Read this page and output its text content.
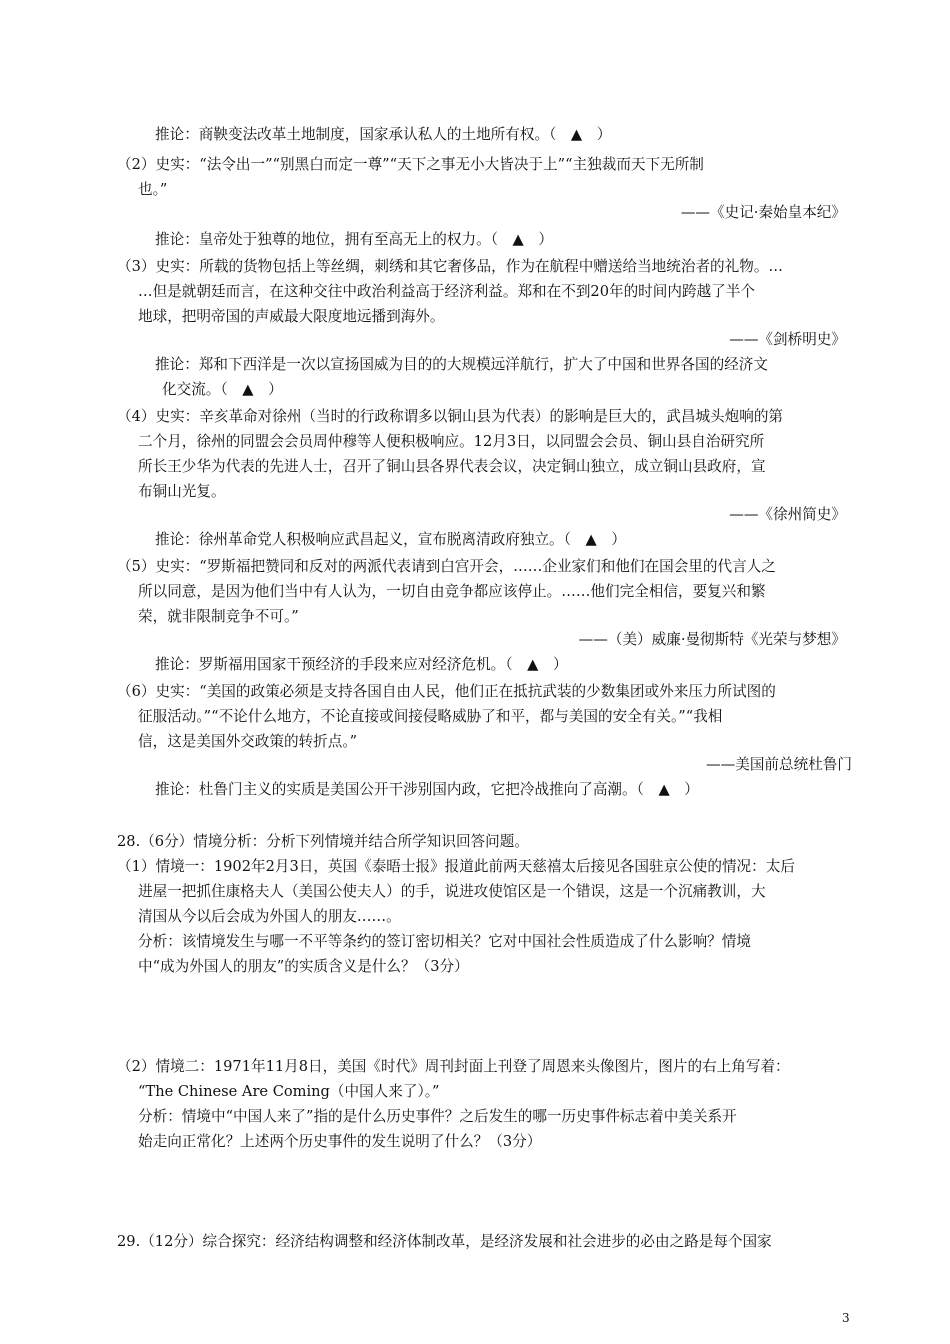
推论：商鞅变法改革土地制度，国家承认私人的土地所有权。（　▲　）
（2）史实：“法令出一”“别黑白而定一尊”“天下之事无小大皆决于上”“主独裁而天下无所制
也。”
——《史记·秦始皇本纪》
推论：皇帝处于独尊的地位，拥有至高无上的权力。（　▲　）
（3）史实：所载的货物包括上等丝绸，刺绣和其它奢侈品，作为在航程中赠送给当地统治者的礼物。…
…但是就朝廷而言，在这种交往中政治利益高于经济利益。郑和在不到20年的时间内跨越了半个
地球，把明帝国的声威最大限度地远播到海外。
——《剑桥明史》
推论：郑和下西洋是一次以宣扬国威为目的的大规模远洋航行，扩大了中国和世界各国的经济文
化交流。（　▲　）
（4）史实：辛亥革命对徐州（当时的行政称谓多以铜山县为代表）的影响是巨大的，武昌城头炮响的第
二个月，徐州的同盟会会员周仲穆等人便积极响应。12月3日，以同盟会会员、铜山县自治研究所
所长王少华为代表的先进人士，召开了铜山县各界代表会议，决定铜山独立，成立铜山县政府，宣
布铜山光复。
——《徐州简史》
推论：徐州革命党人积极响应武昌起义，宣布脱离清政府独立。（　▲　）
（5）史实：“罗斯福把赞同和反对的两派代表请到白宫开会，……企业家们和他们在国会里的代言人之
所以同意，是因为他们当中有人认为，一切自由竞争都应该停止。……他们完全相信，要复兴和繁
荣，就非限制竞争不可。”
——（美）威廉·曼彻斯特《光荣与梦想》
推论：罗斯福用国家干预经济的手段来应对经济危机。（　▲　）
（6）史实：“美国的政策必须是支持各国自由人民，他们正在抵抗武装的少数集团或外来压力所试图的
征服活动。”“不论什么地方，不论直接或间接侵略威胁了和平，都与美国的安全有关。”“我相
信，这是美国外交政策的转折点。”
——美国前总统杜鲁门
推论：杜鲁门主义的实质是美国公开干涉别国内政，它把冷战推向了高潮。（　▲　）
28.（6分）情境分析：分析下列情境并结合所学知识回答问题。
（1）情境一：1902年2月3日，英国《泰晤士报》报道此前两天慈禧太后接见各国驻京公使的情况：太后
进屋一把抓住康格夫人（美国公使夫人）的手，说进攻使馆区是一个错误，这是一个沉痛教训，大
清国从今以后会成为外国人的朋友……。
分析：该情境发生与哪一不平等条约的签订密切相关？它对中国社会性质造成了什么影响？情境
中“成为外国人的朋友”的实质含义是什么？（3分）
（2）情境二：1971年11月8日，美国《时代》周刊封面上刊登了周恩来头像图片，图片的右上角写着：
“The Chinese Are Coming（中国人来了）。”
分析：情境中“中国人来了”指的是什么历史事件？之后发生的哪一历史事件标志着中美关系开
始走向正常化？上述两个历史事件的发生说明了什么？（3分）
29.（12分）综合探究：经济结构调整和经济体制改革，是经济发展和社会进步的必由之路是每个国家
3
